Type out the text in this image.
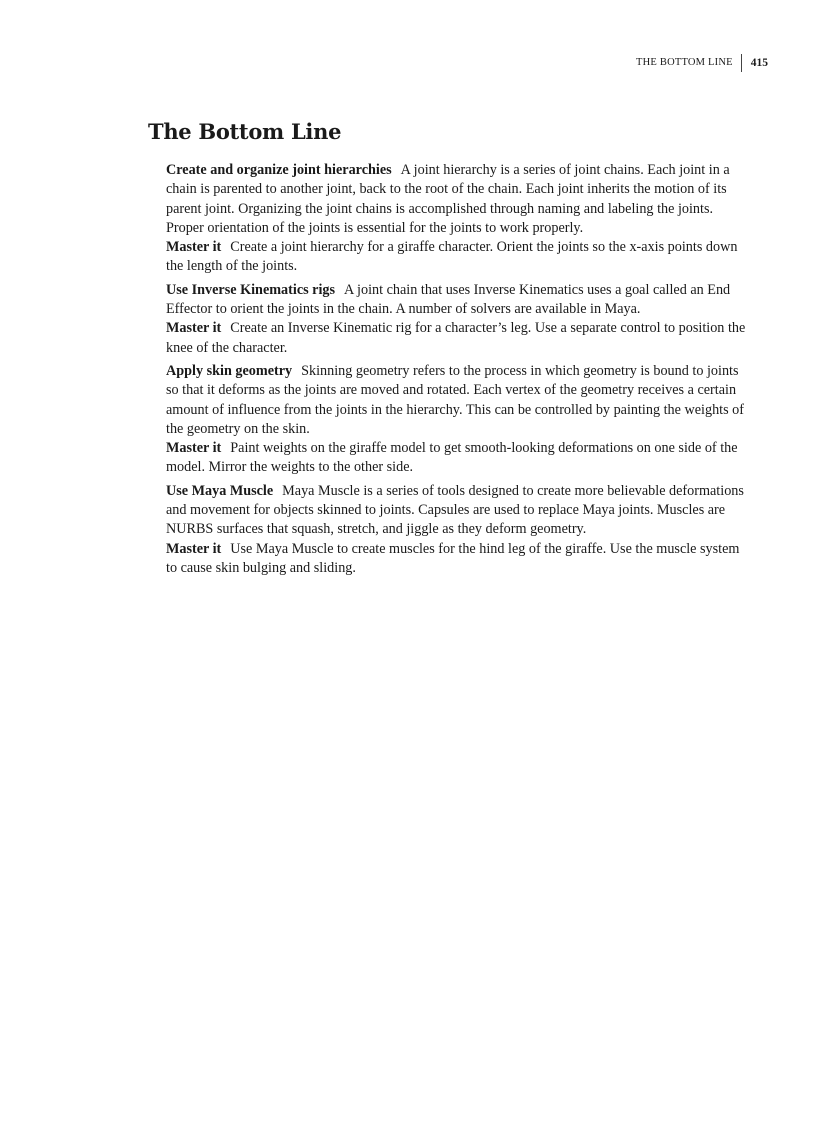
THE BOTTOM LINE	415
The Bottom Line

Create and organize joint hierarchies A joint hierarchy is a series of joint chains. Each joint in a chain is parented to another joint, back to the root of the chain. Each joint inherits the motion of its parent joint. Organizing the joint chains is accomplished through naming and labeling the joints. Proper orientation of the joints is essential for the joints to work properly.

Master it Create a joint hierarchy for a giraffe character. Orient the joints so the x-axis points down the length of the joints.

Use Inverse Kinematics rigs A joint chain that uses Inverse Kinematics uses a goal called an End Effector to orient the joints in the chain. A number of solvers are available in Maya.

Master it Create an Inverse Kinematic rig for a character’s leg. Use a separate control to position the knee of the character.

Apply skin geometry Skinning geometry refers to the process in which geometry is bound to joints so that it deforms as the joints are moved and rotated. Each vertex of the geometry receives a certain amount of influence from the joints in the hierarchy. This can be controlled by painting the weights of the geometry on the skin.

Master it Paint weights on the giraffe model to get smooth-looking deformations on one side of the model. Mirror the weights to the other side.

Use Maya Muscle Maya Muscle is a series of tools designed to create more believable deformations and movement for objects skinned to joints. Capsules are used to replace Maya joints. Muscles are NURBS surfaces that squash, stretch, and jiggle as they deform geometry.

Master it Use Maya Muscle to create muscles for the hind leg of the giraffe. Use the muscle system to cause skin bulging and sliding.
